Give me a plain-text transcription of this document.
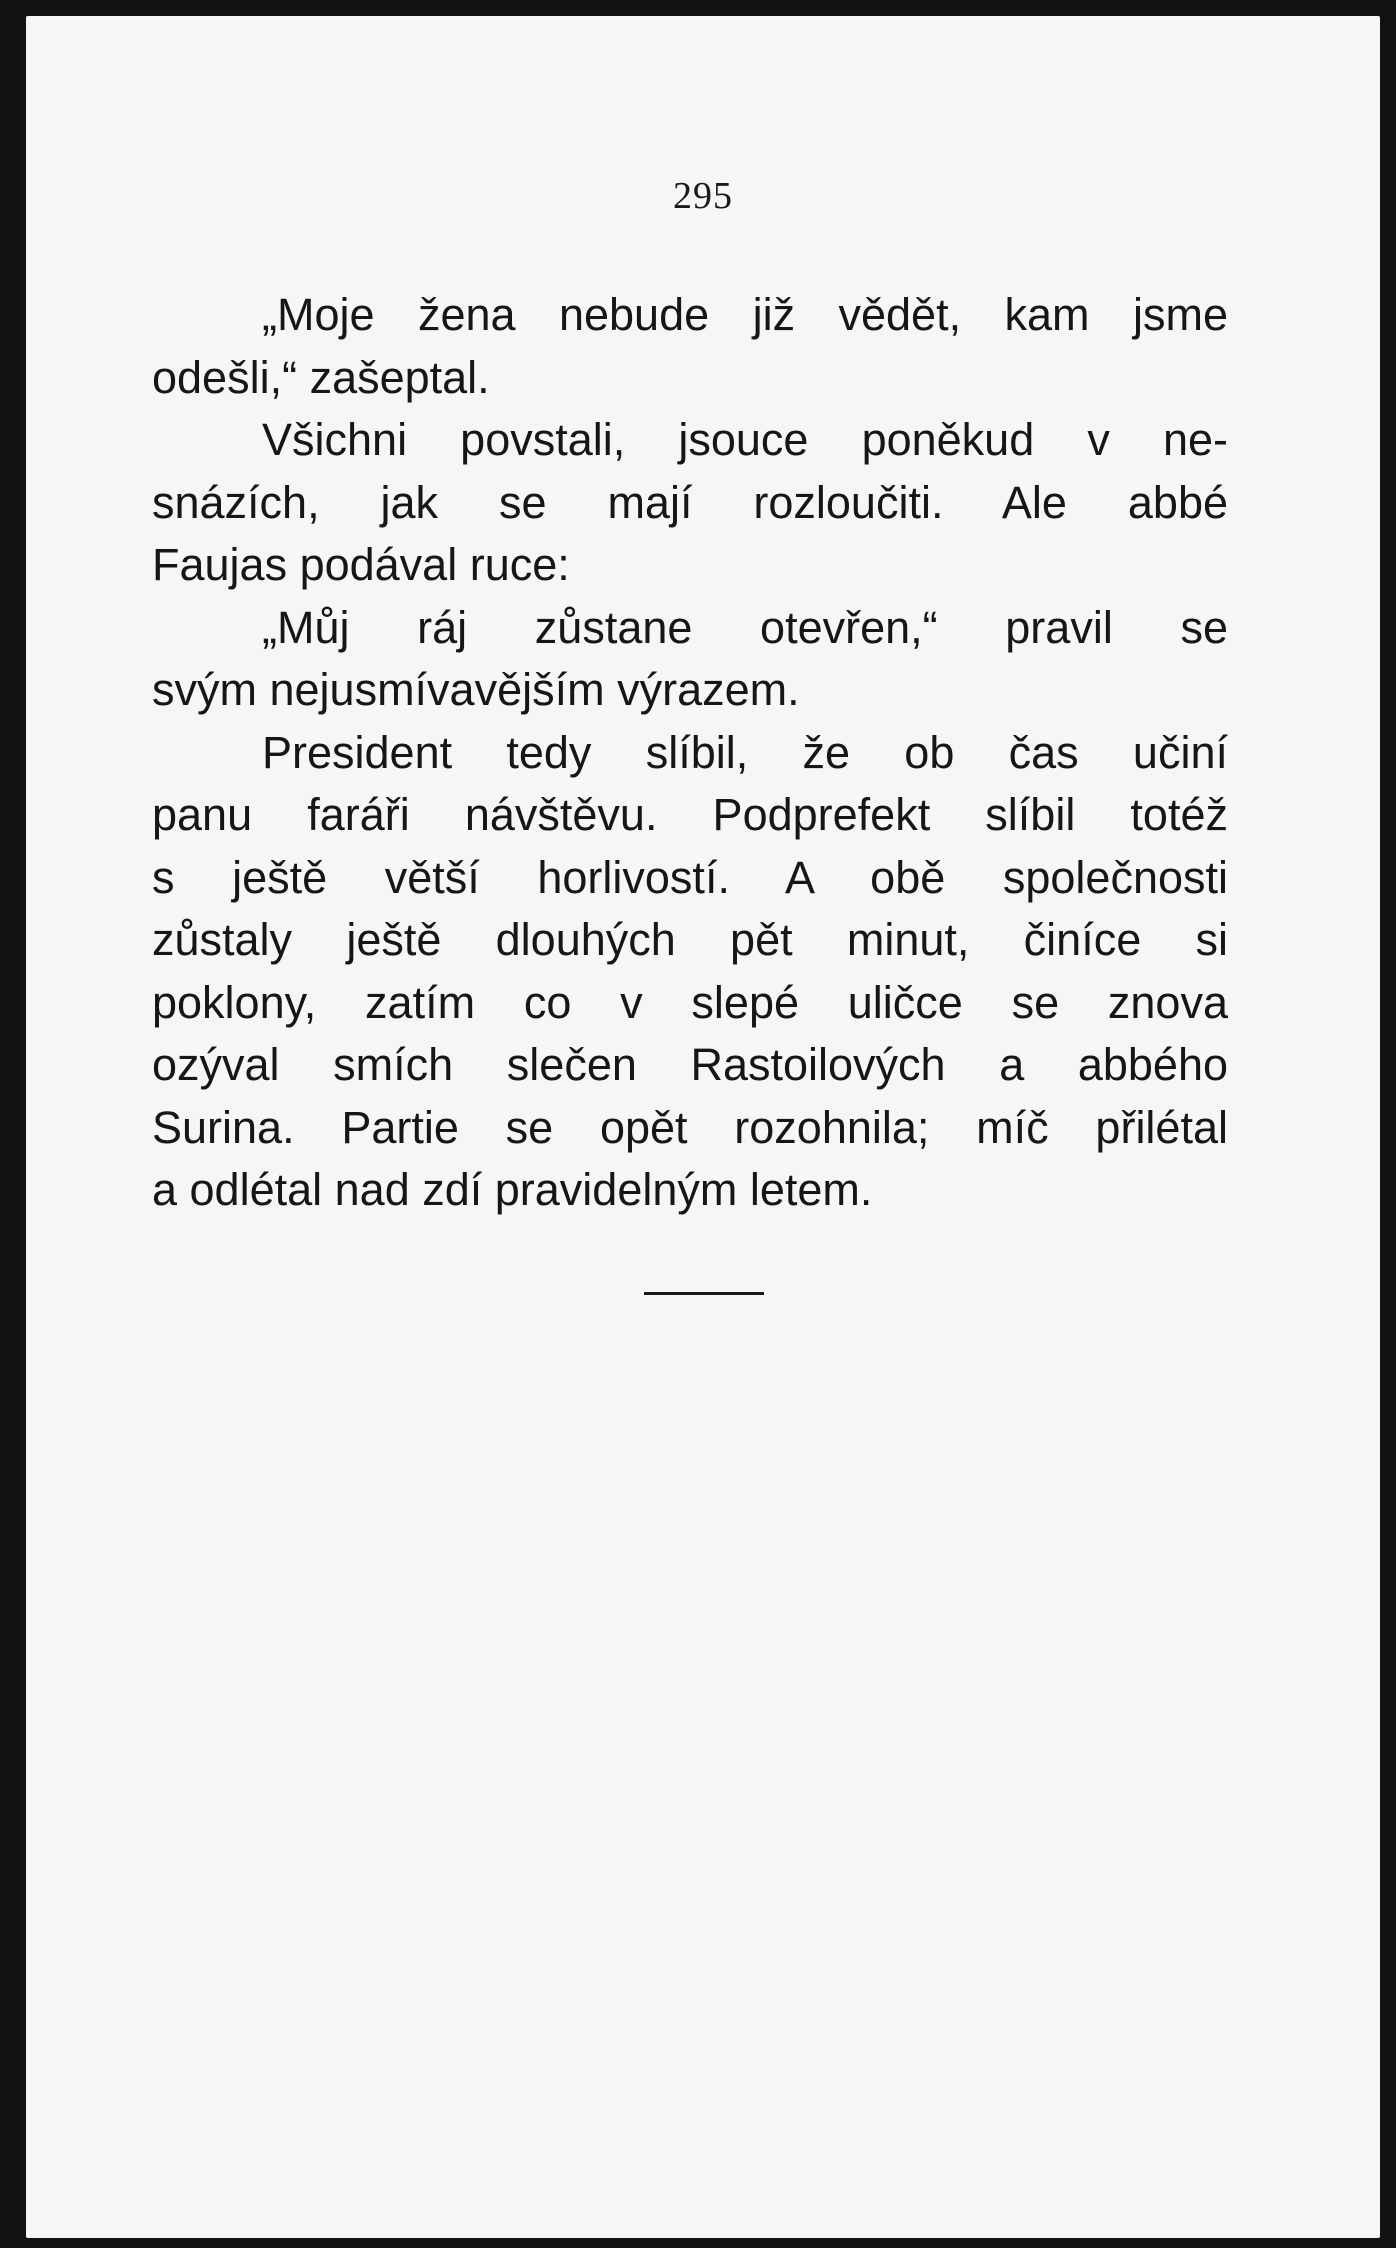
295
„Moje žena nebude již vědět, kam jsme
odešli,“ zašeptal.
Všichni povstali, jsouce poněkud v ne-
snázích, jak se mají rozloučiti. Ale abbé
Faujas podával ruce:
„Můj ráj zůstane otevřen,“ pravil se
svým nejusmívavějším výrazem.
President tedy slíbil, že ob čas učiní
panu faráři návštěvu. Podprefekt slíbil totéž
s ještě větší horlivostí. A obě společnosti
zůstaly ještě dlouhých pět minut, činíce si
poklony, zatím co v slepé uličce se znova
ozýval smích slečen Rastoilových a abbého
Surina. Partie se opět rozohnila; míč přilétal
a odlétal nad zdí pravidelným letem.
